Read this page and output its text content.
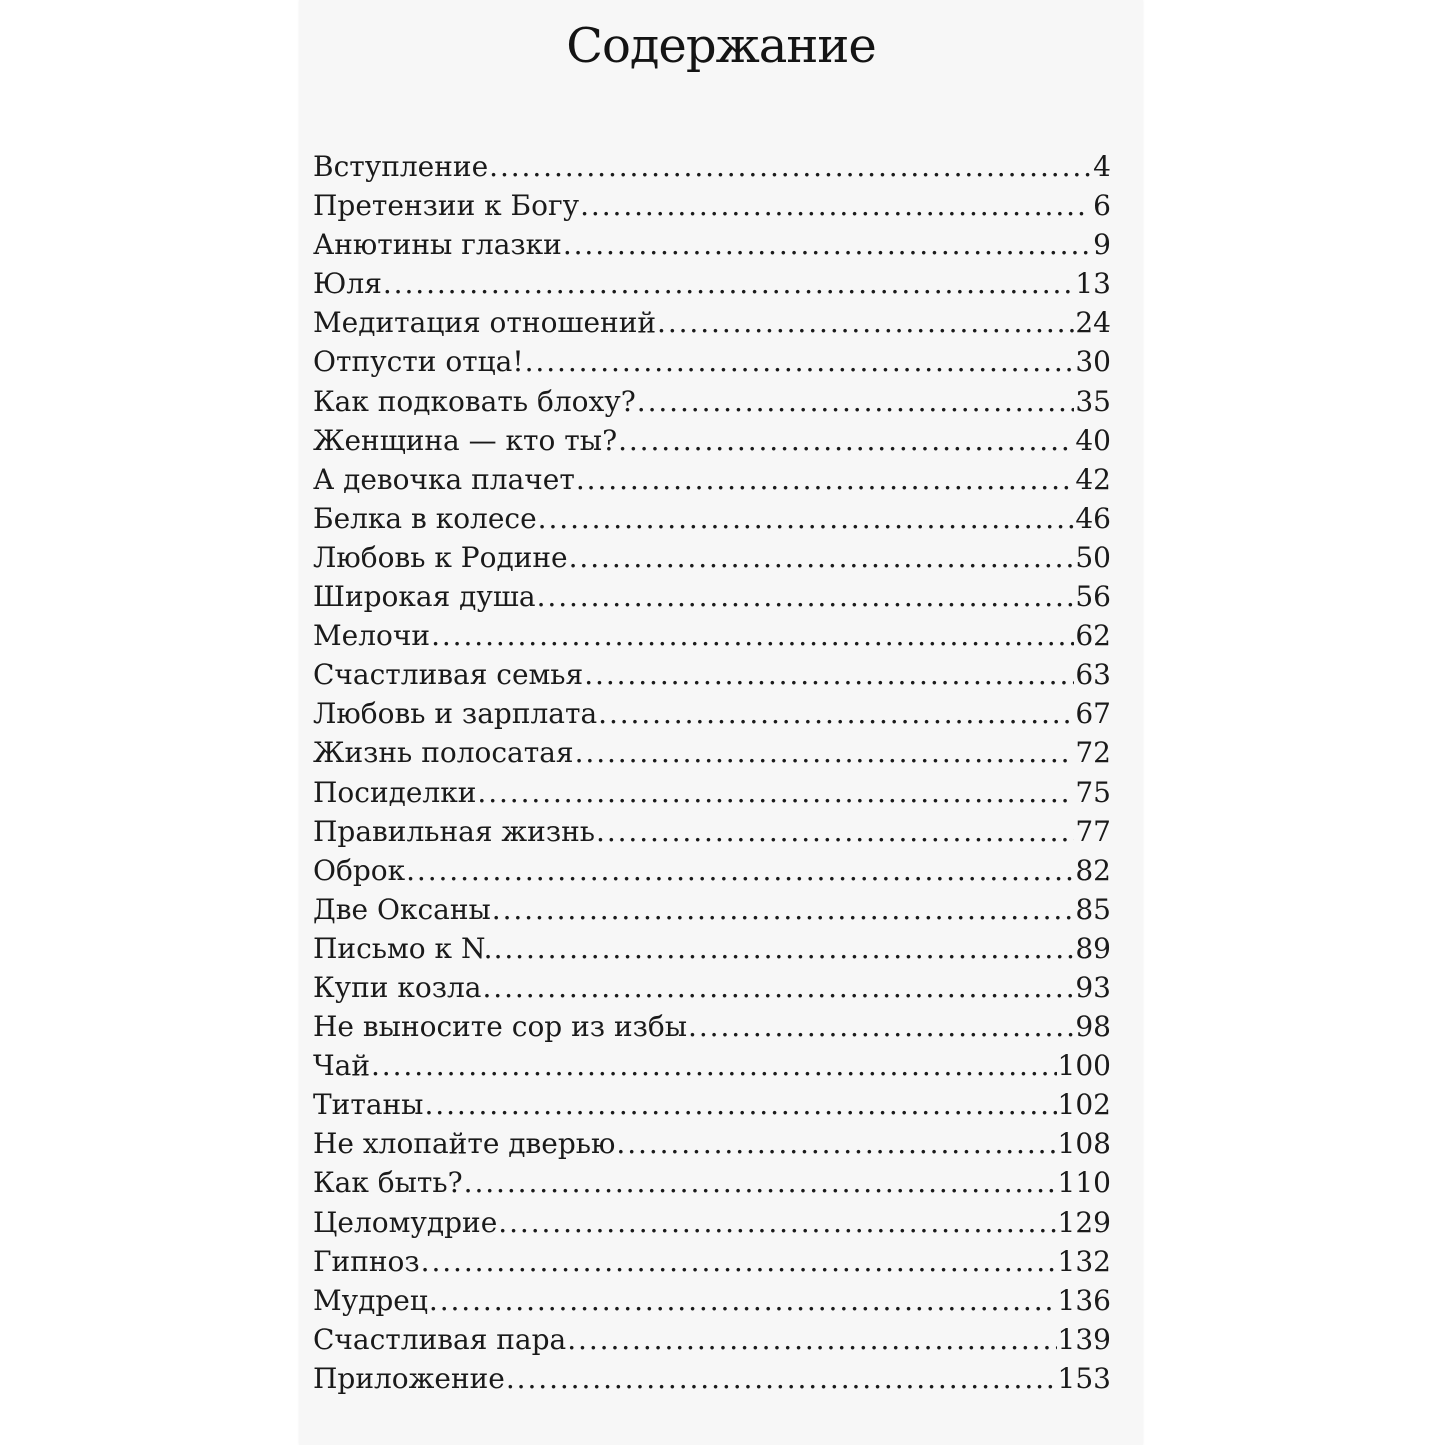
Содержание
Вступление . . .	4
Претензии к Богу . . .	6
Анютины глазки . . .	9
Юля . . .	13
Медитация отношений . . .	24
Отпусти отца! . . .	30
Как подковать блоху? . . .	35
Женщина — кто ты? . . .	40
А девочка плачет . . .	42
Белка в колесе . . .	46
Любовь к Родине . . .	50
Широкая душа . . .	56
Мелочи . . .	62
Счастливая семья . . .	63
Любовь и зарплата . . .	67
Жизнь полосатая . . .	72
Посиделки . . .	75
Правильная жизнь . . .	77
Оброк . . .	82
Две Оксаны . . .	85
Письмо к N. . . .	89
Купи козла . . .	93
Не выносите сор из избы . . .	98
Чай . . .	100
Титаны . . .	102
Не хлопайте дверью . . .	108
Как быть? . . .	110
Целомудрие . . .	129
Гипноз . . .	132
Мудрец . . .	136
Счастливая пара . . .	139
Приложение . . .	153
